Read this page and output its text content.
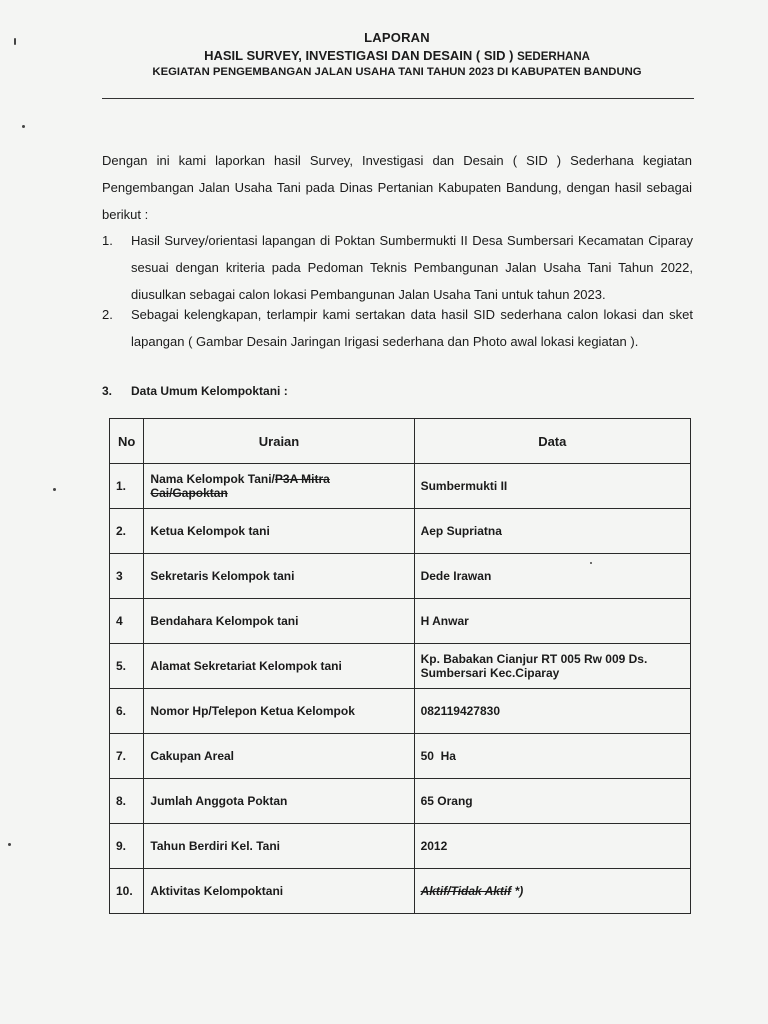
LAPORAN
HASIL SURVEY, INVESTIGASI DAN DESAIN ( SID ) SEDERHANA
KEGIATAN PENGEMBANGAN JALAN USAHA TANI TAHUN 2023 DI KABUPATEN BANDUNG
Dengan ini kami laporkan hasil Survey, Investigasi dan Desain ( SID ) Sederhana kegiatan
Pengembangan Jalan Usaha Tani pada Dinas Pertanian Kabupaten Bandung, dengan hasil sebagai
berikut :
1. Hasil Survey/orientasi lapangan di Poktan Sumbermukti II Desa Sumbersari Kecamatan Ciparay
sesuai dengan kriteria pada Pedoman Teknis Pembangunan Jalan Usaha Tani Tahun 2022,
diusulkan sebagai calon lokasi Pembangunan Jalan Usaha Tani untuk tahun 2023.
2. Sebagai kelengkapan, terlampir kami sertakan data hasil SID sederhana calon lokasi dan sket
lapangan ( Gambar Desain Jaringan Irigasi sederhana dan Photo awal lokasi kegiatan ).
3. Data Umum Kelompoktani :
No	Uraian	Data
1.	Nama Kelompok Tani/P3A Mitra Cai/Gapoktan	Sumbermukti II
2.	Ketua Kelompok tani	Aep Supriatna
3	Sekretaris Kelompok tani	Dede Irawan
4	Bendahara Kelompok tani	H Anwar
5.	Alamat Sekretariat Kelompok tani	Kp. Babakan Cianjur RT 005 Rw 009 Ds.
Sumbersari Kec.Ciparay

6.	Nomor Hp/Telepon Ketua Kelompok	082119427830
7.	Cakupan Areal	50  Ha
8.	Jumlah Anggota Poktan	65 Orang
9.	Tahun Berdiri Kel. Tani	2012
10.	Aktivitas Kelompoktani	Aktif/Tidak Aktif *)
